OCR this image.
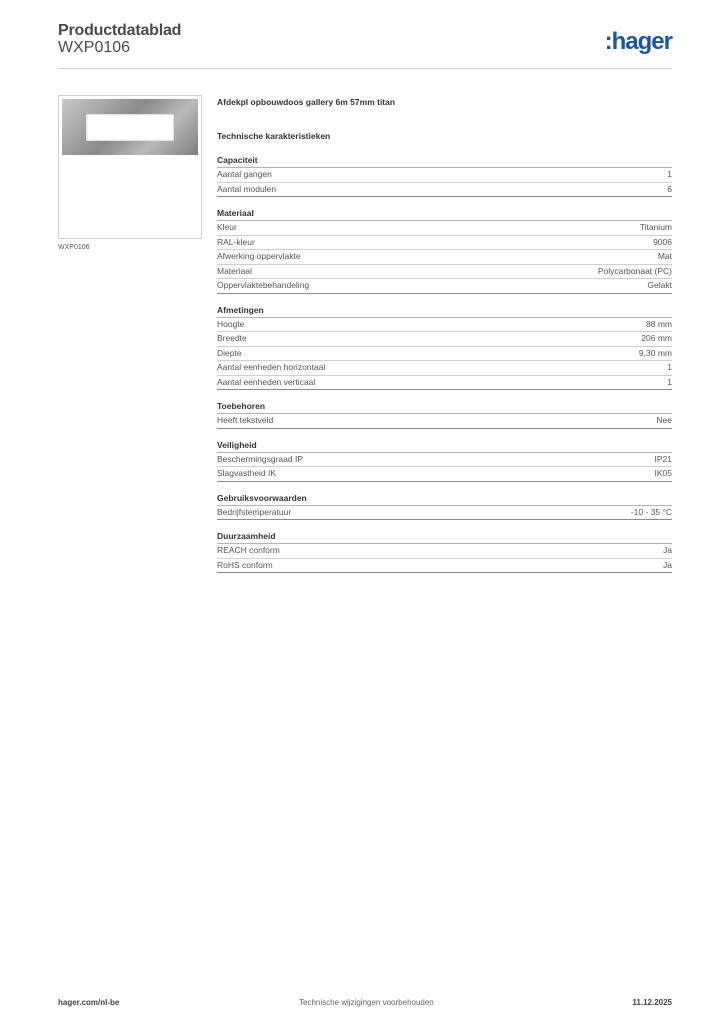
Productdatablad
WXP0106	:hager
WXP0106
Afdekpl opbouwdoos gallery 6m 57mm titan
Technische karakteristieken
Capaciteit
Aantal gangen	1
Aantal modulen	6
Materiaal
Kleur	Titanium
RAL-kleur	9006
Afwerking oppervlakte	Mat
Materiaal	Polycarbonaat (PC)
Oppervlaktebehandeling	Gelakt
Afmetingen
Hoogte	88 mm
Breedte	206 mm
Diepte	9,30 mm
Aantal eenheden horizontaal	1
Aantal eenheden verticaal	1
Toebehoren
Heeft tekstveld	Nee
Veiligheid
Beschermingsgraad IP	IP21
Slagvastheid IK	IK05
Gebruiksvoorwaarden
Bedrijfstemperatuur	-10 - 35 °C
Duurzaamheid
REACH conform	Ja
RoHS conform	Ja
hager.com/nl-be	Technische wijzigingen voorbehouden	11.12.2025
